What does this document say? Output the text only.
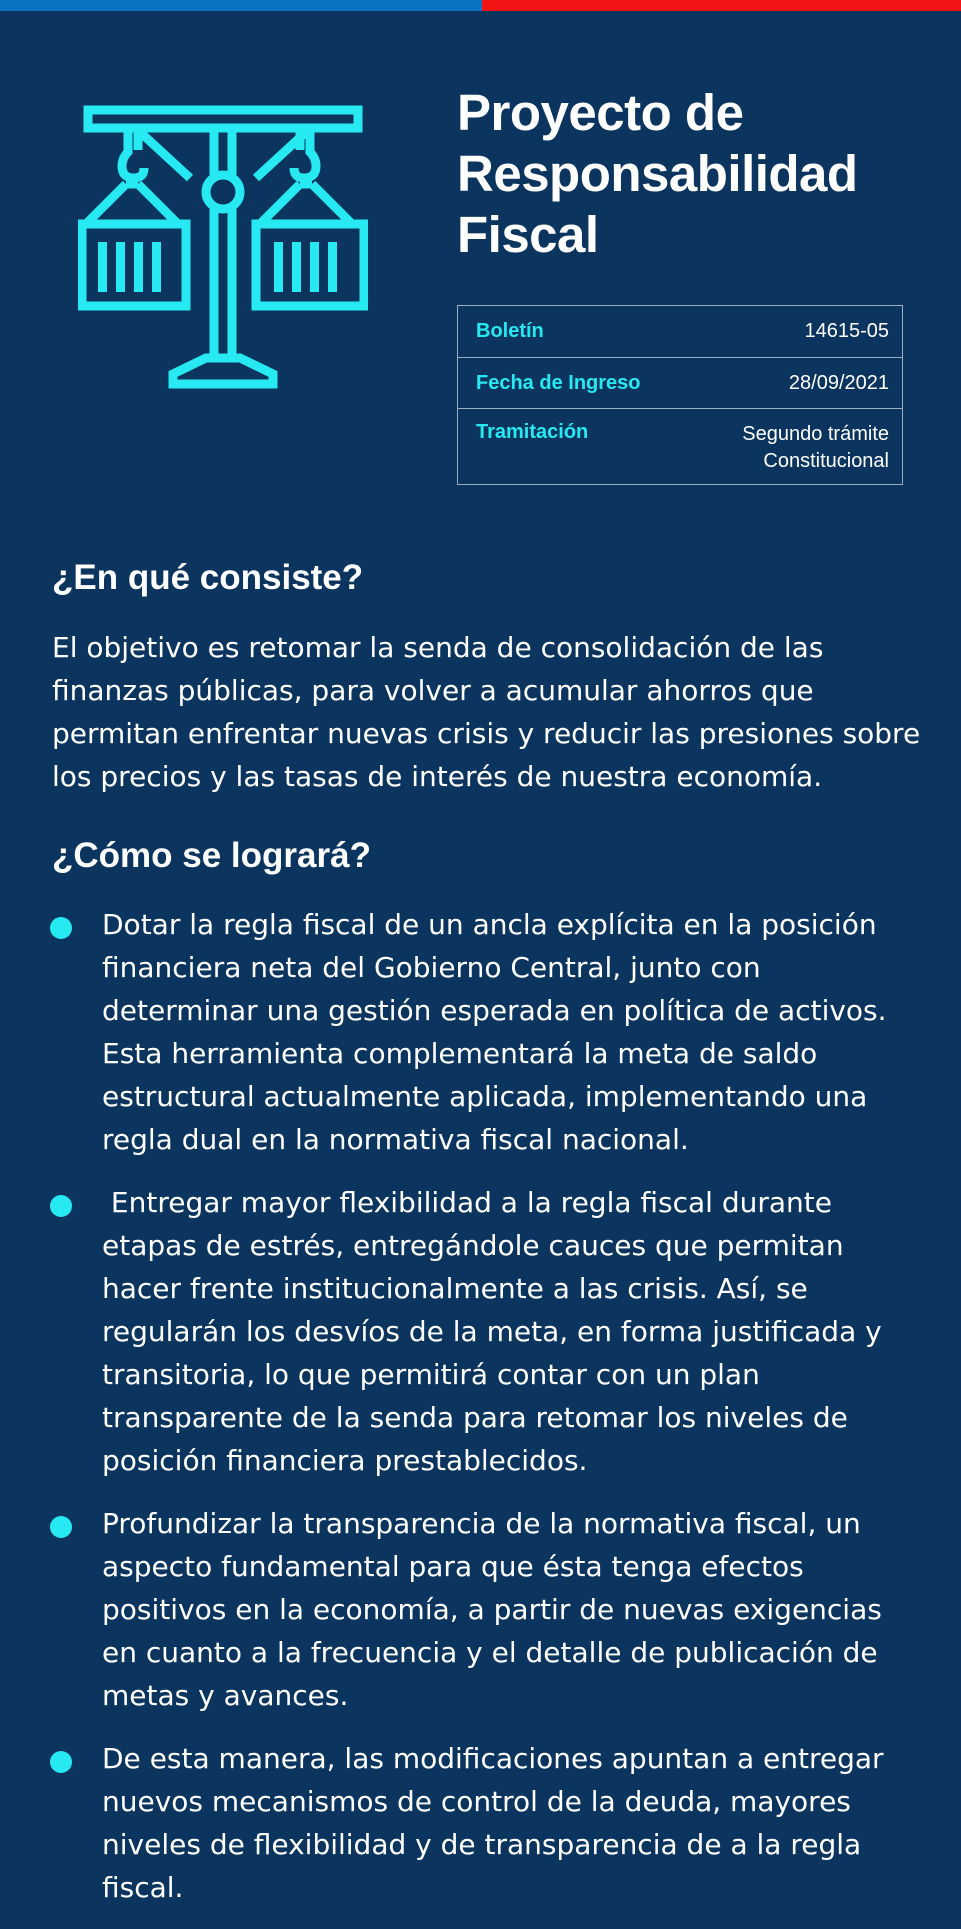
Proyecto de
Responsabilidad
Fiscal
Boletín	14615-05
Fecha de Ingreso	28/09/2021
Tramitación	Segundo trámite
Constitucional
¿En qué consiste?

El objetivo es retomar la senda de consolidación de las finanzas públicas, para volver a acumular ahorros que permitan enfrentar nuevas crisis y reducir las presiones sobre los precios y las tasas de interés de nuestra economía.

¿Cómo se logrará?
Dotar la regla fiscal de un ancla explícita en la posición financiera neta del Gobierno Central, junto con determinar una gestión esperada en política de activos. Esta herramienta complementará la meta de saldo estructural actualmente aplicada, implementando una regla dual en la normativa fiscal nacional.
Entregar mayor flexibilidad a la regla fiscal durante etapas de estrés, entregándole cauces que permitan hacer frente institucionalmente a las crisis. Así, se regularán los desvíos de la meta, en forma justificada y transitoria, lo que permitirá contar con un plan transparente de la senda para retomar los niveles de posición financiera prestablecidos.
Profundizar la transparencia de la normativa fiscal, un aspecto fundamental para que ésta tenga efectos positivos en la economía, a partir de nuevas exigencias en cuanto a la frecuencia y el detalle de publicación de metas y avances.
De esta manera, las modificaciones apuntan a entregar nuevos mecanismos de control de la deuda, mayores niveles de flexibilidad y de transparencia de a la regla fiscal.
